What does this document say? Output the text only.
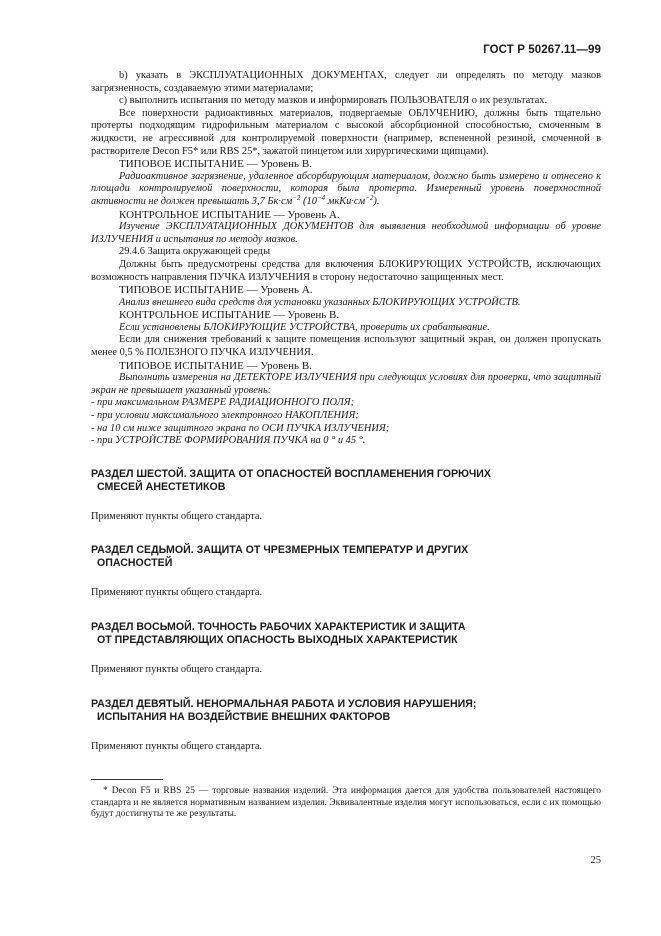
ГОСТ Р 50267.11—99

b) указать в ЭКСПЛУАТАЦИОННЫХ ДОКУМЕНТАХ, следует ли определять по методу мазков загрязненность, создаваемую этими материалами;

c) выполнить испытания по методу мазков и информировать ПОЛЬЗОВАТЕЛЯ о их результатах.

Все поверхности радиоактивных материалов, подвергаемые ОБЛУЧЕНИЮ, должны быть тщательно протерты подходящим гидрофильным материалом с высокой абсорбционной способностью, смоченным в жидкости, не агрессивной для контролируемой поверхности (например, вспененной резиной, смоченной в растворителе Decon F5* или RBS 25*, зажатой пинцетом или хирургическими щипцами).

ТИПОВОЕ ИСПЫТАНИЕ — Уровень В.

Радиоактивное загрязнение, удаленное абсорбирующим материалом, должно быть измерено и отнесено к площади контролируемой поверхности, которая была протерта. Измеренный уровень поверхностной активности не должен превышать 3,7 $Бк\cdot см^{-2}$ ($10^{-4}$ $мкКи\cdot см^{-2}$).

КОНТРОЛЬНОЕ ИСПЫТАНИЕ — Уровень А.

Изучение ЭКСПЛУАТАЦИОННЫХ ДОКУМЕНТОВ для выявления необходимой информации об уровне ИЗЛУЧЕНИЯ и испытания по методу мазков.

29.4.6 Защита окружающей среды

Должны быть предусмотрены средства для включения БЛОКИРУЮЩИХ УСТРОЙСТВ, исключающих возможность направления ПУЧКА ИЗЛУЧЕНИЯ в сторону недостаточно защищенных мест.

ТИПОВОЕ ИСПЫТАНИЕ — Уровень А.

Анализ внешнего вида средств для установки указанных БЛОКИРУЮЩИХ УСТРОЙСТВ.

КОНТРОЛЬНОЕ ИСПЫТАНИЕ — Уровень В.

Если установлены БЛОКИРУЮЩИЕ УСТРОЙСТВА, проверить их срабатывание.

Если для снижения требований к защите помещения используют защитный экран, он должен пропускать менее 0,5 % ПОЛЕЗНОГО ПУЧКА ИЗЛУЧЕНИЯ.

ТИПОВОЕ ИСПЫТАНИЕ — Уровень В.

Выполнить измерения на ДЕТЕКТОРЕ ИЗЛУЧЕНИЯ при следующих условиях для проверки, что защитный экран не превышает указанный уровень:

- при максимальном РАЗМЕРЕ РАДИАЦИОННОГО ПОЛЯ;

- при условии максимального электронного НАКОПЛЕНИЯ;

- на 10 см ниже защитного экрана по ОСИ ПУЧКА ИЗЛУЧЕНИЯ;

- при УСТРОЙСТВЕ ФОРМИРОВАНИЯ ПУЧКА на 0 ° и 45 °.

РАЗДЕЛ ШЕСТОЙ. ЗАЩИТА ОТ ОПАСНОСТЕЙ ВОСПЛАМЕНЕНИЯ ГОРЮЧИХ
СМЕСЕЙ АНЕСТЕТИКОВ

Применяют пункты общего стандарта.

РАЗДЕЛ СЕДЬМОЙ. ЗАЩИТА ОТ ЧРЕЗМЕРНЫХ ТЕМПЕРАТУР И ДРУГИХ
ОПАСНОСТЕЙ

Применяют пункты общего стандарта.

РАЗДЕЛ ВОСЬМОЙ. ТОЧНОСТЬ РАБОЧИХ ХАРАКТЕРИСТИК И ЗАЩИТА
ОТ ПРЕДСТАВЛЯЮЩИХ ОПАСНОСТЬ ВЫХОДНЫХ ХАРАКТЕРИСТИК

Применяют пункты общего стандарта.

РАЗДЕЛ ДЕВЯТЫЙ. НЕНОРМАЛЬНАЯ РАБОТА И УСЛОВИЯ НАРУШЕНИЯ;
ИСПЫТАНИЯ НА ВОЗДЕЙСТВИЕ ВНЕШНИХ ФАКТОРОВ

Применяют пункты общего стандарта.

* Decon F5 и RBS 25 — торговые названия изделий. Эта информация дается для удобства пользователей настоящего стандарта и не является нормативным названием изделия. Эквивалентные изделия могут использоваться, если с их помощью будут достигнуты те же результаты.

25
